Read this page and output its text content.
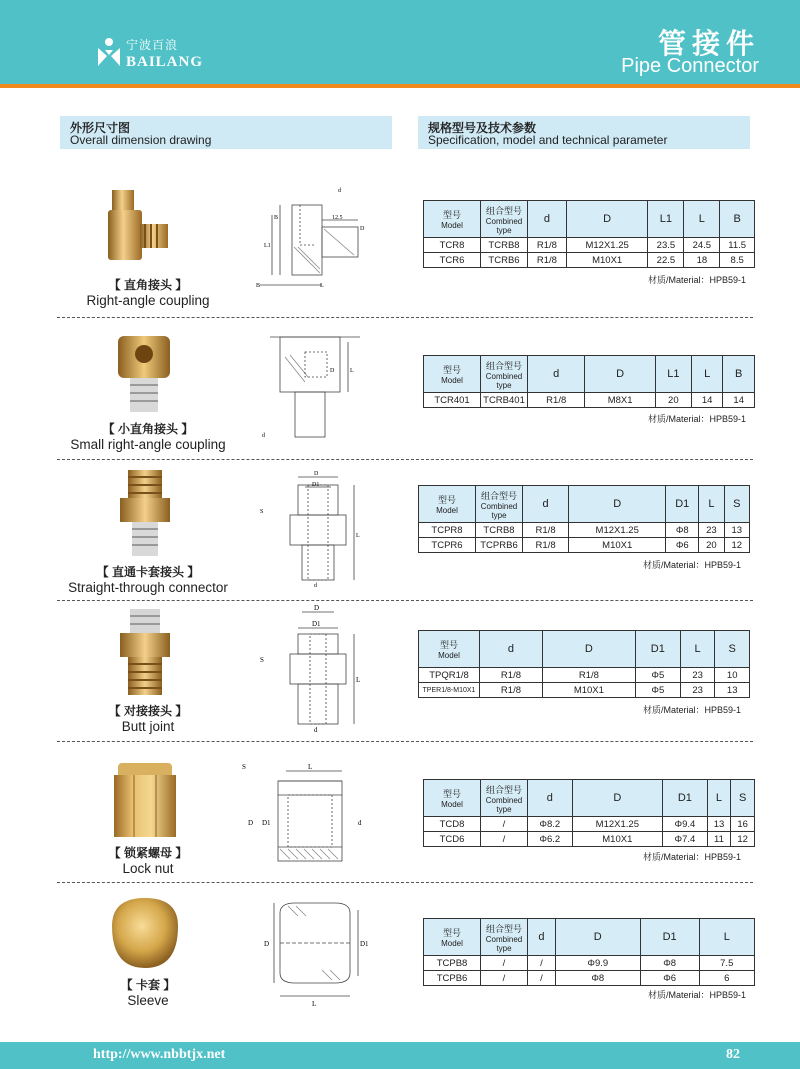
宁波百浪
BAILANG
管接件
Pipe Connector
外形尺寸图
Overall dimension drawing
规格型号及技术参数
Specification, model and technical parameter
【 直角接头 】
Right-angle coupling
d
12.5
D
L1
B
B	L
型号
Model	组合型号
Combined
type	d	D	L1	L	B
TCR8	TCRB8	R1/8	M12X1.25	23.5	24.5	11.5
TCR6	TCRB6	R1/8	M10X1	22.5	18	8.5
材质/Material：HPB59-1
【 小直角接头 】
Small right-angle coupling
L
D
d
型号
Model	组合型号
Combined
type	d	D	L1	L	B
TCR401	TCRB401	R1/8	M8X1	20	14	14
材质/Material：HPB59-1
【 直通卡套接头 】
Straight-through connector
D
D1
S
L
d
型号
Model	组合型号
Combined
type	d	D	D1	L	S
TCPR8	TCRB8	R1/8	M12X1.25	Φ8	23	13
TCPR6	TCPRB6	R1/8	M10X1	Φ6	20	12
材质/Material：HPB59-1
【 对接接头 】
Butt joint
D
D1
S
L
d
型号
Model	d	D	D1	L	S
TPQR1/8	R1/8	R1/8	Φ5	23	10
TPER1/8-M10X1	R1/8	M10X1	Φ5	23	13
材质/Material：HPB59-1
【 锁紧螺母 】
Lock nut
S	L
D D1	d
型号
Model	组合型号
Combined
type	d	D	D1	L	S
TCD8	/	Φ8.2	M12X1.25	Φ9.4	13	16
TCD6	/	Φ6.2	M10X1	Φ7.4	11	12
材质/Material：HPB59-1
【 卡套 】
Sleeve
D	D1
L
型号
Model	组合型号
Combined
type	d	D	D1	L
TCPB8	/	/	Φ9.9	Φ8	7.5
TCPB6	/	/	Φ8	Φ6	6
材质/Material：HPB59-1
http://www.nbbtjx.net	82
